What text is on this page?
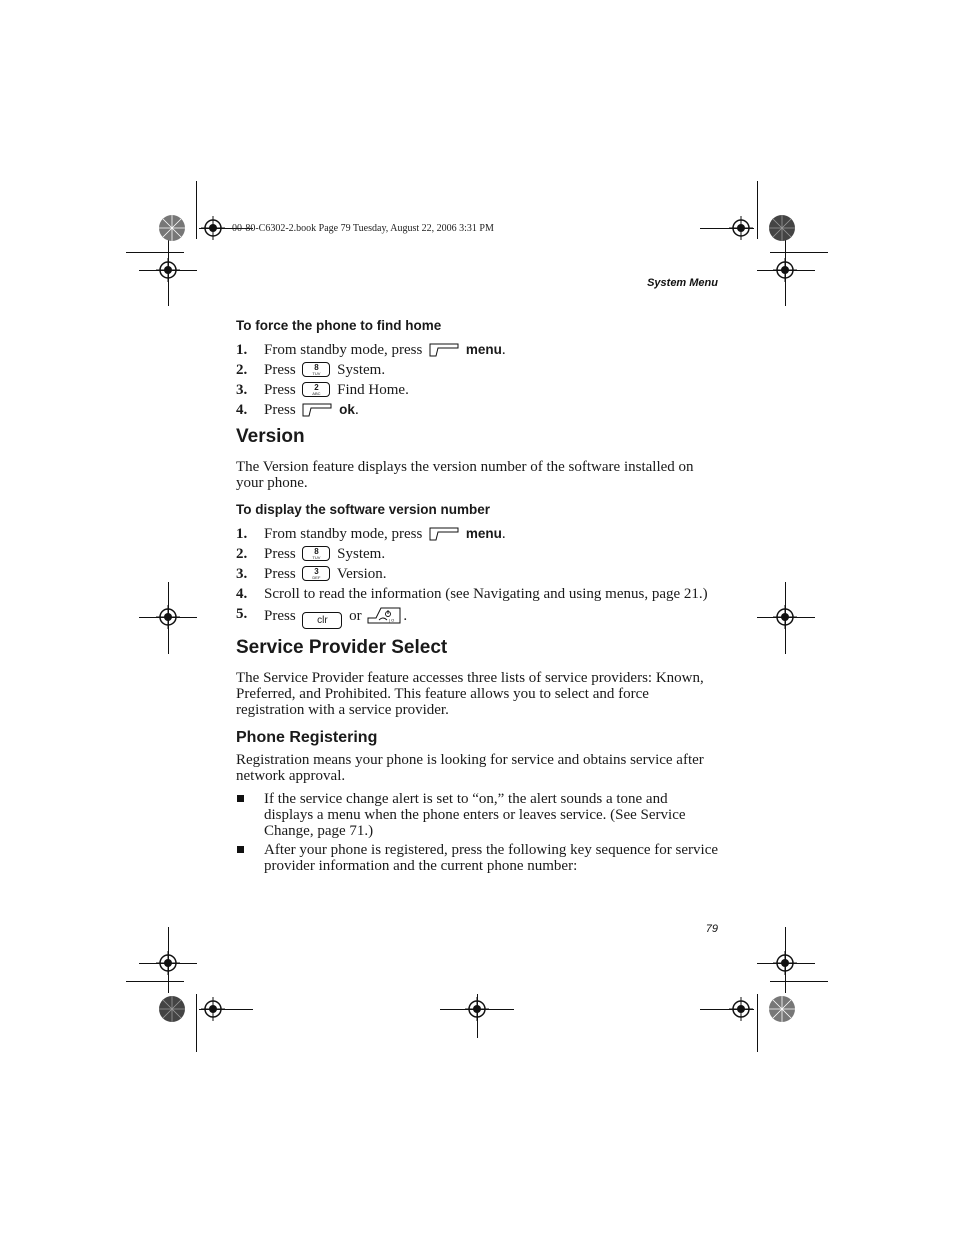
00-80-C6302-2.book Page 79 Tuesday, August 22, 2006 3:31 PM
System Menu
79
To force the phone to find home
1. From standby mode, press	menu.
2. Press	8
TUV	System.
3. Press	2
ABC	Find Home.
4. Press	ok.
Version

The Version feature displays the version number of the software installed on your phone.

To display the software version number
1. From standby mode, press	menu.
2. Press	8
TUV	System.
3. Press	3
DEF	Version.
4. Scroll to read the information (see Navigating and using menus, page 21.)
5. Press clr or	| O .
Service Provider Select

The Service Provider feature accesses three lists of service providers: Known, Preferred, and Prohibited. This feature allows you to select and force registration with a service provider.

Phone Registering

Registration means your phone is looking for service and obtains service after network approval.

If the service change alert is set to “on,” the alert sounds a tone and displays a menu when the phone enters or leaves service. (See Service Change, page 71.)
After your phone is registered, press the following key sequence for service provider information and the current phone number:
